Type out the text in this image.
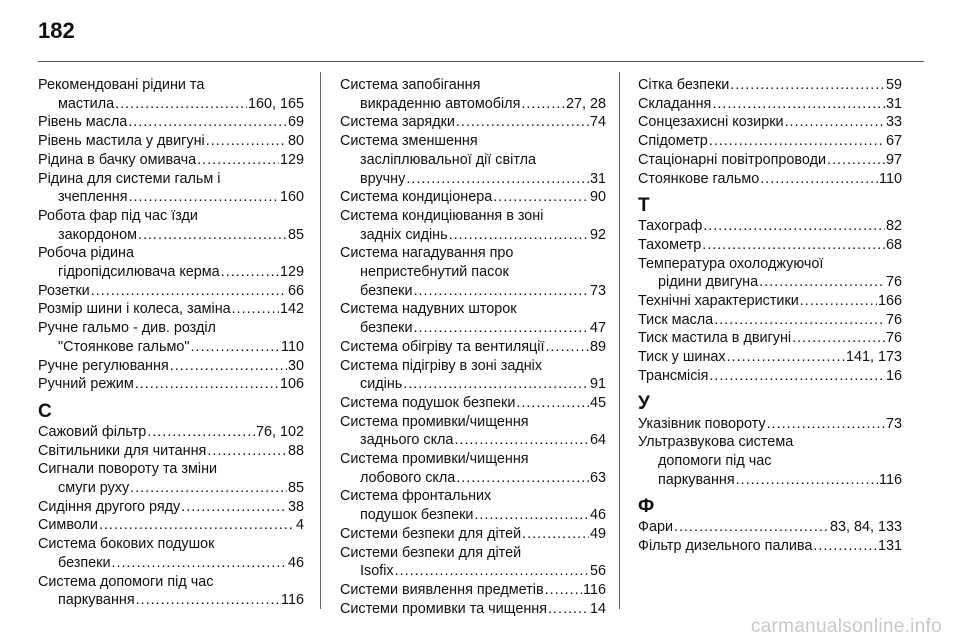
182
Рекомендовані рідини та
мастила . . .	160, 165
Рівень масла . . .	69
Рівень мастила у двигуні . . .	80
Рідина в бачку омивача . . .	129
Рідина для системи гальм і
зчеплення . . .	160
Робота фар під час їзди
закордоном . . .	85
Робоча рідина
гідропідсилювача керма . . .	129
Розетки . . .	66
Розмір шини і колеса, заміна . . .	142
Ручне гальмо - див. розділ
"Стоянкове гальмо" . . .	110
Ручне регулювання . . .	30
Ручний режим . . .	106
С
Сажовий фільтр . . .	76, 102
Світильники для читання . . .	88
Сигнали повороту та зміни
смуги руху . . .	85
Сидіння другого ряду . . .	38
Символи . . .	4
Система бокових подушок
безпеки . . .	46
Система допомоги під час
паркування . . .	116
Система запобігання
викраденню автомобіля . . .	27, 28
Система зарядки . . .	74
Система зменшення
засліплювальної дії світла
вручну . . .	31
Система кондиціонера . . .	90
Система кондиціювання в зоні
задніх сидінь . . .	92
Система нагадування про
непристебнутий пасок
безпеки . . .	73
Система надувних шторок
безпеки . . .	47
Система обігріву та вентиляції . . .	89
Система підігріву в зоні задніх
сидінь . . .	91
Система подушок безпеки . . .	45
Система промивки/чищення
заднього скла . . .	64
Система промивки/чищення
лобового скла . . .	63
Система фронтальних
подушок безпеки . . .	46
Системи безпеки для дітей . . .	49
Системи безпеки для дітей
Isofix . . .	56
Системи виявлення предметів . . .	116
Системи промивки та чищення . . .	14
Сітка безпеки . . .	59
Складання . . .	31
Сонцезахисні козирки . . .	33
Спідометр . . .	67
Стаціонарні повітропроводи . . .	97
Стоянкове гальмо . . .	110
Т
Тахограф . . .	82
Тахометр . . .	68
Температура охолоджуючої
рідини двигуна . . .	76
Технічні характеристики . . .	166
Тиск масла . . .	76
Тиск мастила в двигуні . . .	76
Тиск у шинах . . .	141, 173
Трансмісія . . .	16
У
Указівник повороту . . .	73
Ультразвукова система
допомоги під час
паркування . . .	116
Ф
Фари . . .	83, 84, 133
Фільтр дизельного палива . . .	131
carmanualsonline.info
